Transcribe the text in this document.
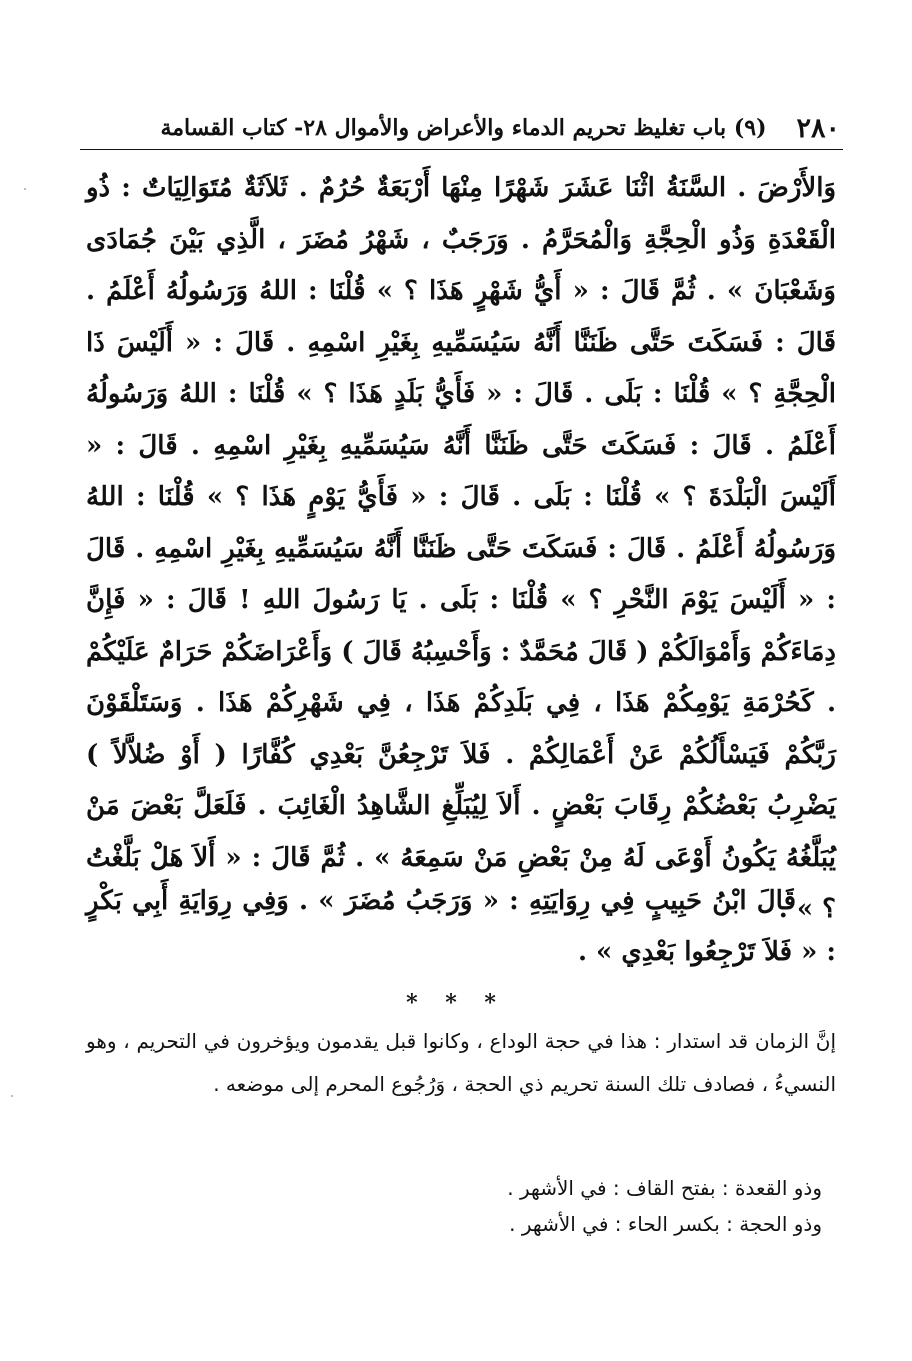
٢٨٠
(٩) باب تغليظ تحريم الدماء والأعراض والأموال ٢٨- كتاب القسامة

وَالأَرْضَ . السَّنَةُ اثْنَا عَشَرَ شَهْرًا مِنْهَا أَرْبَعَةٌ حُرُمٌ . ثَلاَثَةٌ مُتَوَالِيَاتٌ : ذُو الْقَعْدَةِ وَذُو الْحِجَّةِ وَالْمُحَرَّمُ . وَرَجَبٌ ، شَهْرُ مُضَرَ ، الَّذِي بَيْنَ جُمَادَى وَشَعْبَانَ » . ثُمَّ قَالَ : « أَيُّ شَهْرٍ هَذَا ؟ » قُلْنَا : اللهُ وَرَسُولُهُ أَعْلَمُ . قَالَ : فَسَكَتَ حَتَّى ظَنَنَّا أَنَّهُ سَيُسَمِّيهِ بِغَيْرِ اسْمِهِ . قَالَ : « أَلَيْسَ ذَا الْحِجَّةِ ؟ » قُلْنَا : بَلَى . قَالَ : « فَأَيُّ بَلَدٍ هَذَا ؟ » قُلْنَا : اللهُ وَرَسُولُهُ أَعْلَمُ . قَالَ : فَسَكَتَ حَتَّى ظَنَنَّا أَنَّهُ سَيُسَمِّيهِ بِغَيْرِ اسْمِهِ . قَالَ : « أَلَيْسَ الْبَلْدَةَ ؟ » قُلْنَا : بَلَى . قَالَ : « فَأَيُّ يَوْمٍ هَذَا ؟ » قُلْنَا : اللهُ وَرَسُولُهُ أَعْلَمُ . قَالَ : فَسَكَتَ حَتَّى ظَنَنَّا أَنَّهُ سَيُسَمِّيهِ بِغَيْرِ اسْمِهِ . قَالَ : « أَلَيْسَ يَوْمَ النَّحْرِ ؟ » قُلْنَا : بَلَى . يَا رَسُولَ اللهِ ! قَالَ : « فَإِنَّ دِمَاءَكُمْ وَأَمْوَالَكُمْ ( قَالَ مُحَمَّدٌ : وَأَحْسِبُهُ قَالَ ) وَأَعْرَاضَكُمْ حَرَامٌ عَلَيْكُمْ . كَحُرْمَةِ يَوْمِكُمْ هَذَا ، فِي بَلَدِكُمْ هَذَا ، فِي شَهْرِكُمْ هَذَا . وَسَتَلْقَوْنَ رَبَّكُمْ فَيَسْأَلُكُمْ عَنْ أَعْمَالِكُمْ . فَلاَ تَرْجِعُنَّ بَعْدِي كُفَّارًا ( أَوْ ضُلاَّلاً ) يَضْرِبُ بَعْضُكُمْ رِقَابَ بَعْضٍ . أَلاَ لِيُبَلِّغِ الشَّاهِدُ الْغَائِبَ . فَلَعَلَّ بَعْضَ مَنْ يُبَلَّغُهُ يَكُونُ أَوْعَى لَهُ مِنْ بَعْضِ مَنْ سَمِعَهُ » . ثُمَّ قَالَ : « أَلاَ هَلْ بَلَّغْتُ ؟ » .

قَالَ ابْنُ حَبِيبٍ فِي رِوَايَتِهِ : « وَرَجَبُ مُضَرَ » . وَفِي رِوَايَةِ أَبِي بَكْرٍ : « فَلاَ تَرْجِعُوا بَعْدِي » .

* * *

إنَّ الزمان قد استدار : هذا في حجة الوداع ، وكانوا قبل يقدمون ويؤخرون في التحريم ، وهو النسيءُ ، فصادف تلك السنة تحريم ذي الحجة ، وَرُجُوع المحرم إلى موضعه .

وذو القعدة : بفتح القاف : في الأشهر .
وذو الحجة : بكسر الحاء : في الأشهر .
